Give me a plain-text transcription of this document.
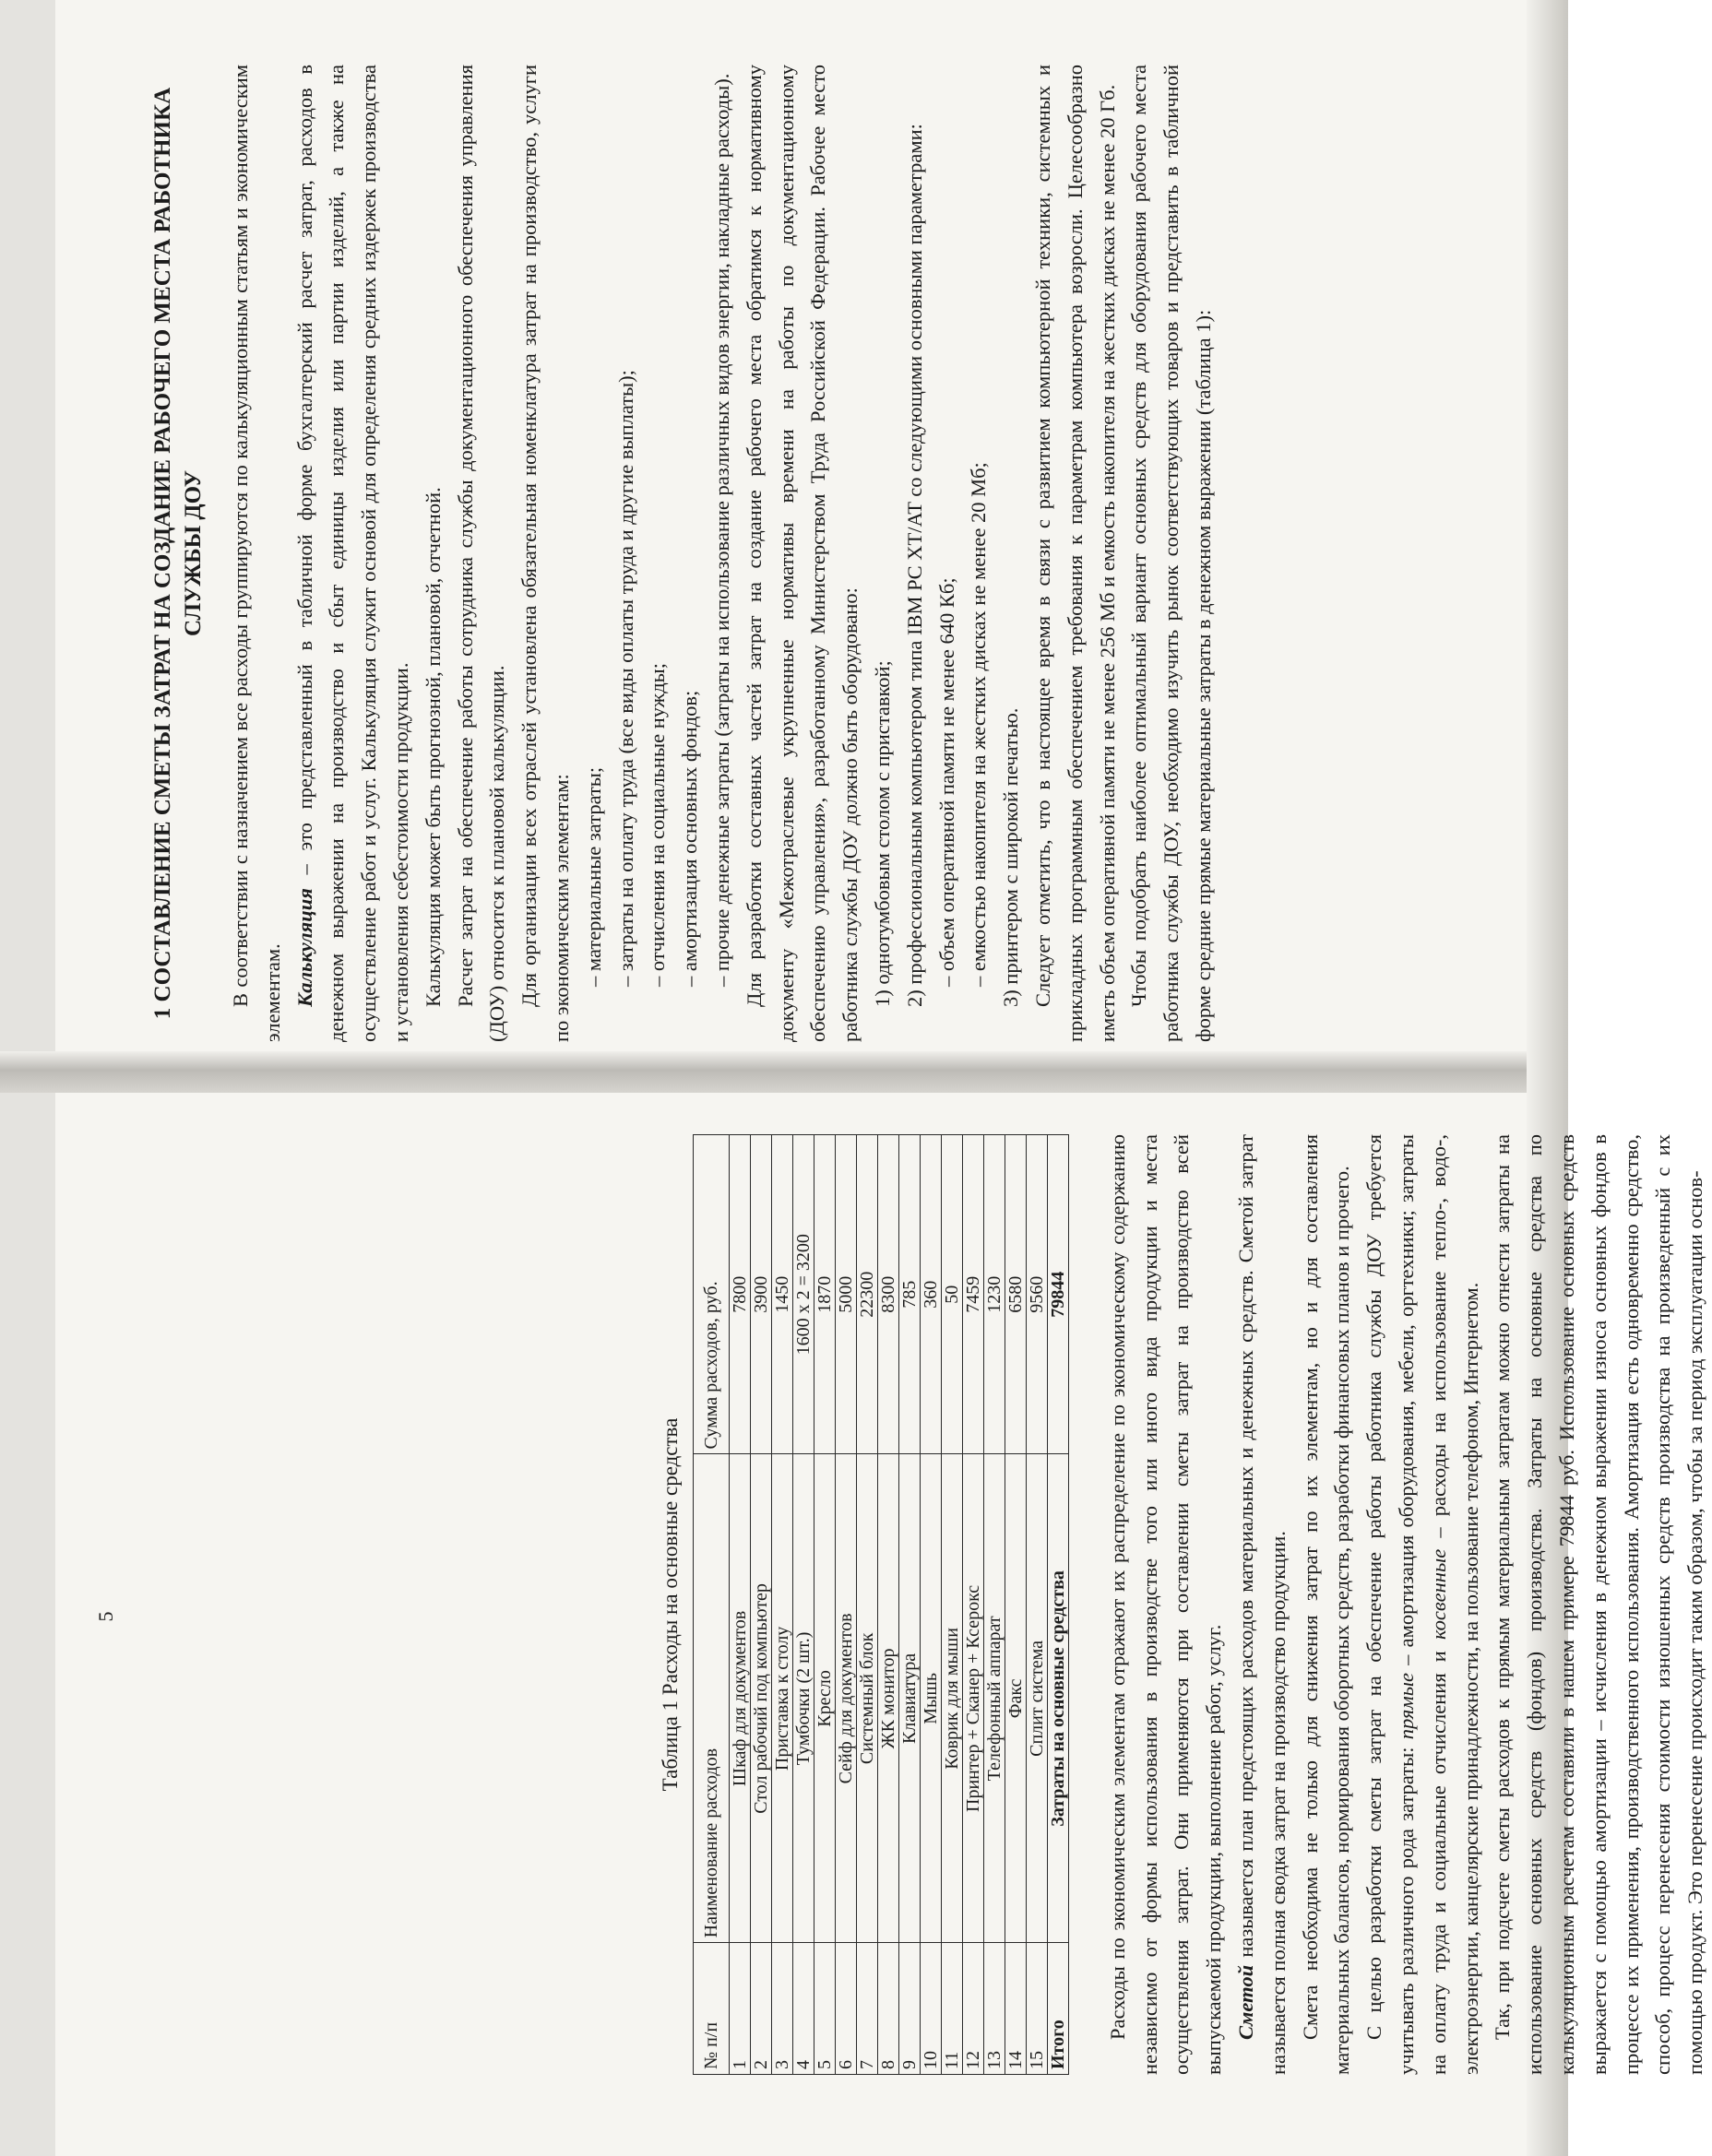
1 СОСТАВЛЕНИЕ СМЕТЫ ЗАТРАТ НА СОЗДАНИЕ РАБОЧЕГО МЕСТА РАБОТНИКА СЛУЖБЫ ДОУ В соответствии с назначением все расходы группируются по калькуляционным статьям и экономическим элементам. Калькуляция – это представленный в табличной форме бухгалтерский расчет затрат, расходов в денежном выражении на производство и сбыт единицы изделия или партии изделий, а также на осуществление работ и услуг. Калькуляция служит основой для определения средних издержек производства и установления себестоимости продукции. Калькуляция может быть прогнозной, плановой, отчетной. Расчет затрат на обеспечение работы сотрудника службы документационного обеспечения управления (ДОУ) относится к плановой калькуляции. Для организации всех отраслей установлена обязательная номенклатура затрат на производство, услуги по экономическим элементам: – материальные затраты; – затраты на оплату труда (все виды оплаты труда и другие выплаты); – отчисления на социальные нужды; – амортизация основных фондов; – прочие денежные затраты (затраты на использование различных видов энергии, накладные расходы). Для разработки составных частей затрат на создание рабочего места обратимся к нормативному документу «Межотраслевые укрупненные нормативы времени на работы по документационному обеспечению управления», разработанному Министерством Труда Российской Федерации. Рабочее место работника службы ДОУ должно быть оборудовано: 1) однотумбовым столом с приставкой; 2) профессиональным компьютером типа IBM PC XT/AT со следующими основными параметрами: – объем оперативной памяти не менее 640 Кб; – емкостью накопителя на жестких дисках не менее 20 Мб; 3) принтером с широкой печатью. Следует отметить, что в настоящее время в связи с развитием компьютерной техники, системных и прикладных программным обеспечением требования к параметрам компьютера возросли. Целесообразно иметь объем оперативной памяти не менее 256 Мб и емкость накопителя на жестких дисках не менее 20 Гб. Чтобы подобрать наиболее оптимальный вариант основных средств для оборудования рабочего места работника службы ДОУ, необходимо изучить рынок соответствующих товаров и представить в табличной форме средние прямые материальные затраты в денежном выражении (таблица 1):

5	Таблица 1 Расходы на основные средства
№ п/п	Наименование расходов	Сумма расходов, руб.
1	Шкаф для документов	7800
2	Стол рабочий под компьютер	3900
3	Приставка к столу	1450
4	Тумбочки (2 шт.)	1600 x 2 = 3200
5	Кресло	1870
6	Сейф для документов	5000
7	Системный блок	22300
8	ЖК монитор	8300
9	Клавиатура	785
10	Мышь	360
11	Коврик для мыши	50
12	Принтер + Сканер + Ксерокс	7459
13	Телефонный аппарат	1230
14	Факс	6580
15	Сплит система	9560
Итого	Затраты на основные средства	79844 Расходы по экономическим элементам отражают их распределение по экономическому содержанию независимо от формы использования в производстве того или иного вида продукции и места осуществления затрат. Они применяются при составлении сметы затрат на производство всей выпускаемой продукции, выполнение работ, услуг. Сметой называется план предстоящих расходов материальных и денежных средств. Сметой затрат называется полная сводка затрат на производство продукции. Смета необходима не только для снижения затрат по их элементам, но и для составления материальных балансов, нормирования оборотных средств, разработки финансовых планов и прочего. С целью разработки сметы затрат на обеспечение работы работника службы ДОУ требуется учитывать различного рода затраты: прямые – амортизация оборудования, мебели, оргтехники; затраты на оплату труда и социальные отчисления и косвенные – расходы на использование тепло-, водо-, электроэнергии, канцелярские принадлежности, на пользование телефоном, Интернетом. Так, при подсчете сметы расходов к прямым материальным затратам можно отнести затраты на использование основных средств (фондов) производства. Затраты на основные средства по калькуляционным расчетам составили в нашем примере 79844 руб. Использование основных средств выражается с помощью амортизации – исчисления в денежном выражении износа основных фондов в процессе их применения, производственного использования. Амортизация есть одновременно средство, способ, процесс перенесения стоимости изношенных средств производства на произведенный с их помощью продукт. Это перенесение происходит таким образом, чтобы за период эксплуатации основ-
